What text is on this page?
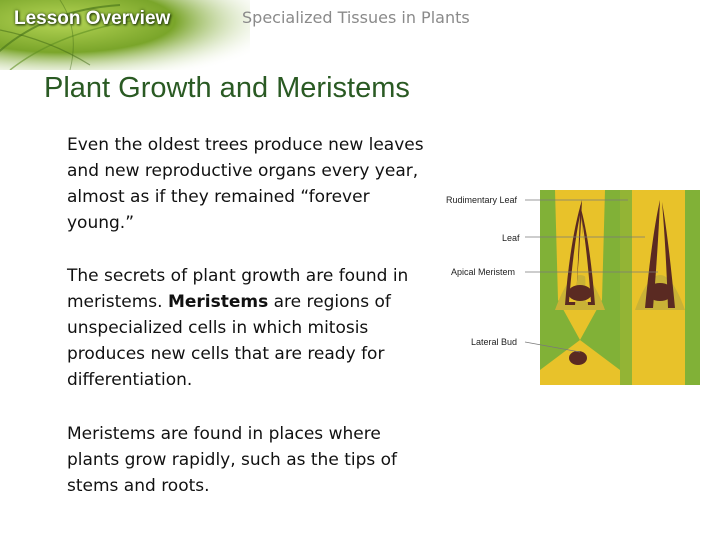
Lesson Overview	Specialized Tissues in Plants
Plant Growth and Meristems
Even the oldest trees produce new leaves and new reproductive organs every year, almost as if they remained “forever young.”
The secrets of plant growth are found in meristems. Meristems are regions of unspecialized cells in which mitosis produces new cells that are ready for differentiation.
Meristems are found in places where plants grow rapidly, such as the tips of stems and roots.
Rudimentary Leaf
Leaf
Apical Meristem
Lateral Bud
